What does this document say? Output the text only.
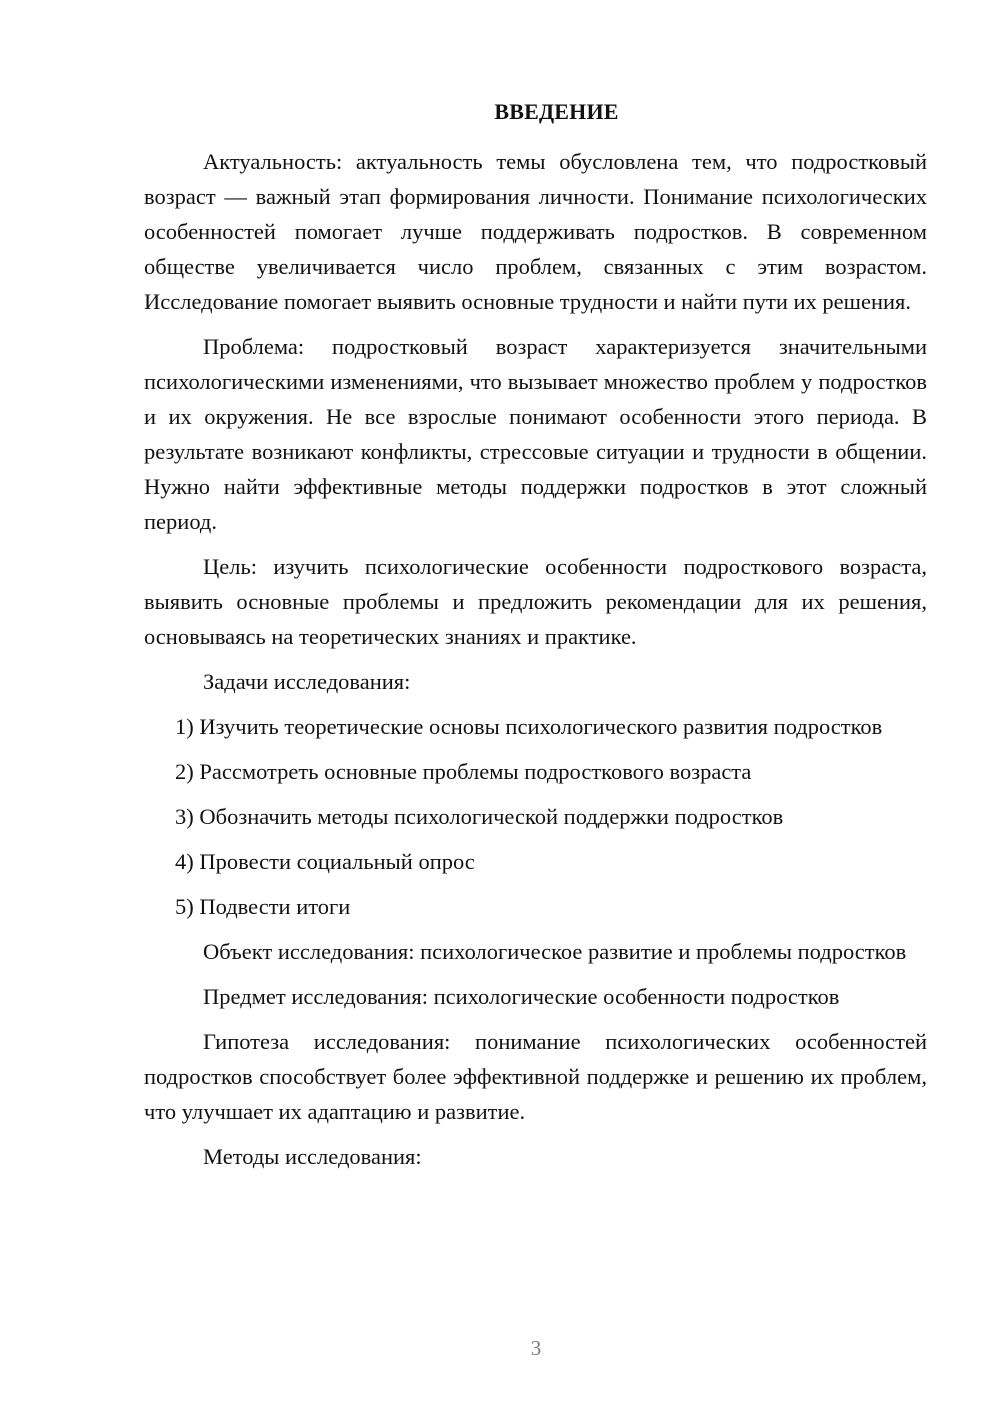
ВВЕДЕНИЕ

Актуальность: актуальность темы обусловлена тем, что подростковый возраст — важный этап формирования личности. Понимание психологических особенностей помогает лучше поддерживать подростков. В современном обществе увеличивается число проблем, связанных с этим возрастом. Исследование помогает выявить основные трудности и найти пути их решения.

Проблема: подростковый возраст характеризуется значительными психологическими изменениями, что вызывает множество проблем у подростков и их окружения. Не все взрослые понимают особенности этого периода. В результате возникают конфликты, стрессовые ситуации и трудности в общении. Нужно найти эффективные методы поддержки подростков в этот сложный период.

Цель: изучить психологические особенности подросткового возраста, выявить основные проблемы и предложить рекомендации для их решения, основываясь на теоретических знаниях и практике.

Задачи исследования:

1) Изучить теоретические основы психологического развития подростков

2) Рассмотреть основные проблемы подросткового возраста

3) Обозначить методы психологической поддержки подростков

4) Провести социальный опрос

5) Подвести итоги

Объект исследования: психологическое развитие и проблемы подростков

Предмет исследования: психологические особенности подростков

Гипотеза исследования: понимание психологических особенностей подростков способствует более эффективной поддержке и решению их проблем, что улучшает их адаптацию и развитие.

Методы исследования:

3
